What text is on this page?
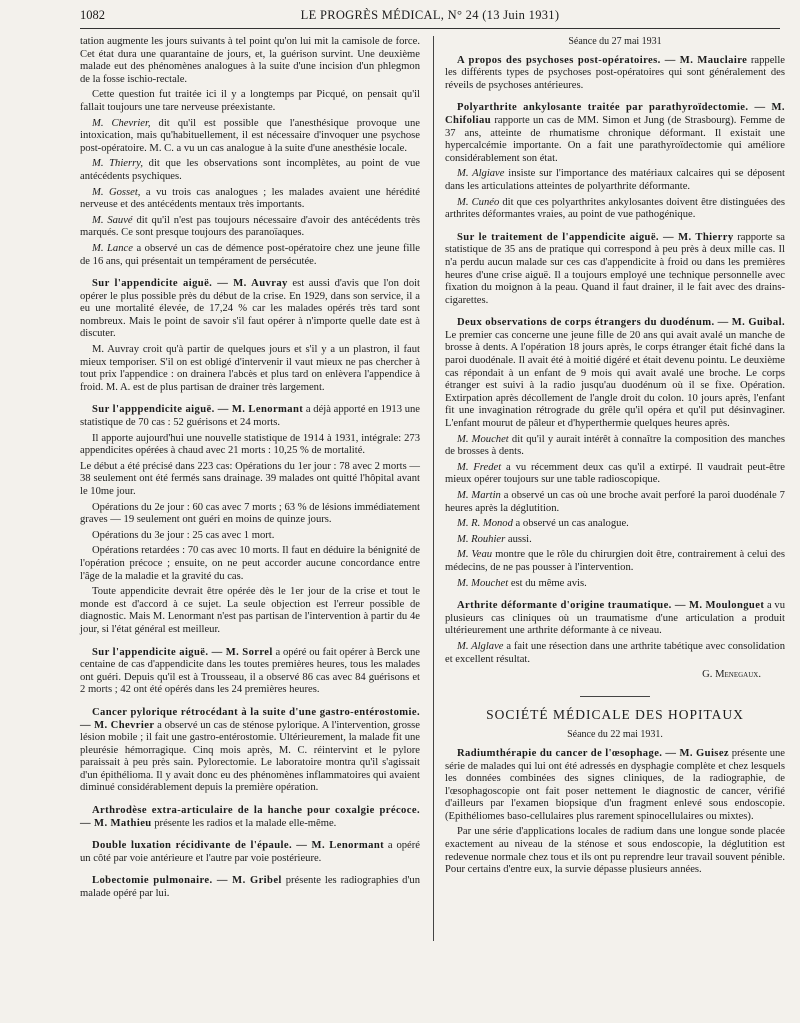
1082	LE PROGRÈS MÉDICAL, N° 24 (13 Juin 1931)

tation augmente les jours suivants à tel point qu'on lui mit la camisole de force. Cet état dura une quarantaine de jours, et, la guérison survint. Une deuxième malade eut des phénomènes analogues à la suite d'une incision d'un phlegmon de la fosse ischio-rectale.

Cette question fut traitée ici il y a longtemps par Picqué, on pensait qu'il fallait toujours une tare nerveuse préexistante.

M. Chevrier, dit qu'il est possible que l'anesthésique provoque une intoxication, mais qu'habituellement, il est nécessaire d'invoquer une psychose post-opératoire. M. C. a vu un cas analogue à la suite d'une anesthésie locale.

M. Thierry, dit que les observations sont incomplètes, au point de vue antécédents psychiques.

M. Gosset, a vu trois cas analogues ; les malades avaient une hérédité nerveuse et des antécédents mentaux très importants.

M. Sauvé dit qu'il n'est pas toujours nécessaire d'avoir des antécédents très marqués. Ce sont presque toujours des paranoïaques.

M. Lance a observé un cas de démence post-opératoire chez une jeune fille de 16 ans, qui présentait un tempérament de persécutée.

Sur l'appendicite aiguë. — M. Auvray est aussi d'avis que l'on doit opérer le plus possible près du début de la crise. En 1929, dans son service, il a eu une mortalité élevée, de 17,24 % car les malades opérés très tard sont nombreux. Mais le point de savoir s'il faut opérer à n'importe quelle date est à discuter.

M. Auvray croit qu'à partir de quelques jours et s'il y a un plastron, il faut mieux temporiser. S'il on est obligé d'intervenir il vaut mieux ne pas chercher à tout prix l'appendice : on drainera l'abcès et plus tard on enlèvera l'appendice à froid. M. A. est de plus partisan de drainer très largement.

Sur l'apppendicite aiguë. — M. Lenormant a déjà apporté en 1913 une statistique de 70 cas : 52 guérisons et 24 morts.

Il apporte aujourd'hui une nouvelle statistique de 1914 à 1931, intégrale: 273 appendicites opérées à chaud avec 21 morts : 10,25 % de mortalité.

Le début a été précisé dans 223 cas: Opérations du 1er jour : 78 avec 2 morts — 38 seulement ont été fermés sans drainage. 39 malades ont quitté l'hôpital avant le 10me jour.

Opérations du 2e jour : 60 cas avec 7 morts ; 63 % de lésions immédiatement graves — 19 seulement ont guéri en moins de quinze jours.

Opérations du 3e jour : 25 cas avec 1 mort.

Opérations retardées : 70 cas avec 10 morts. Il faut en déduire la bénignité de l'opération précoce ; ensuite, on ne peut accorder aucune concordance entre l'âge de la maladie et la gravité du cas.

Toute appendicite devrait être opérée dès le 1er jour de la crise et tout le monde est d'accord à ce sujet. La seule objection est l'erreur possible de diagnostic. Mais M. Lenormant n'est pas partisan de l'intervention à partir du 4e jour, si l'état général est meilleur.

Sur l'appendicite aiguë. — M. Sorrel a opéré ou fait opérer à Berck une centaine de cas d'appendicite dans les toutes premières heures, tous les malades ont guéri. Depuis qu'il est à Trousseau, il a observé 86 cas avec 84 guérisons et 2 morts ; 42 ont été opérés dans les 24 premières heures.

Cancer pylorique rétrocédant à la suite d'une gastro-entérostomie. — M. Chevrier a observé un cas de sténose pylorique. A l'intervention, grosse lésion mobile ; il fait une gastro-entérostomie. Ultérieurement, la malade fit une pleurésie hémorragique. Cinq mois après, M. C. réintervint et le pylore paraissait à peu près sain. Pylorectomie. Le laboratoire montra qu'il s'agissait d'un épithélioma. Il y avait donc eu des phénomènes inflammatoires qui avaient diminué considérablement depuis la première opération.

Arthrodèse extra-articulaire de la hanche pour coxalgie précoce. — M. Mathieu présente les radios et la malade elle-même.

Double luxation récidivante de l'épaule. — M. Lenormant a opéré un côté par voie antérieure et l'autre par voie postérieure.

Lobectomie pulmonaire. — M. Gribel présente les radiographies d'un malade opéré par lui.

Séance du 27 mai 1931

A propos des psychoses post-opératoires. — M. Mauclaire rappelle les différents types de psychoses post-opératoires qui sont généralement des réveils de psychoses antérieures.

Polyarthrite ankylosante traitée par parathyroïdectomie. — M. Chifoliau rapporte un cas de MM. Simon et Jung (de Strasbourg). Femme de 37 ans, atteinte de rhumatisme chronique déformant. Il existait une hypercalcémie importante. On a fait une parathyroïdectomie qui améliore considérablement son état.

M. Algiave insiste sur l'importance des matériaux calcaires qui se déposent dans les articulations atteintes de polyarthrite déformante.

M. Cunéo dit que ces polyarthrites ankylosantes doivent être distinguées des arthrites déformantes vraies, au point de vue pathogénique.

Sur le traitement de l'appendicite aiguë. — M. Thierry rapporte sa statistique de 35 ans de pratique qui correspond à peu près à deux mille cas. Il n'a perdu aucun malade sur ces cas d'appendicite à froid ou dans les premières heures d'une crise aiguë. Il a toujours employé une technique personnelle avec fixation du moignon à la peau. Quand il faut drainer, il le fait avec des drains-cigarettes.

Deux observations de corps étrangers du duodénum. — M. Guibal. Le premier cas concerne une jeune fille de 20 ans qui avait avalé un manche de brosse à dents. A l'opération 18 jours après, le corps étranger était fiché dans la paroi duodénale. Il avait été à moitié digéré et était devenu pointu. Le deuxième cas répondait à un enfant de 9 mois qui avait avalé une broche. Le corps étranger est suivi à la radio jusqu'au duodénum où il se fixe. Opération. Extirpation après décollement de l'angle droit du colon. 10 jours après, l'enfant fit une invagination rétrograde du grêle qu'il opéra et qu'il put désinvaginer. L'enfant mourut de pâleur et d'hyperthermie quelques heures après.

M. Mouchet dit qu'il y aurait intérêt à connaître la composition des manches de brosses à dents.

M. Fredet a vu récemment deux cas qu'il a extirpé. Il vaudrait peut-être mieux opérer toujours sur une table radioscopique.

M. Martin a observé un cas où une broche avait perforé la paroi duodénale 7 heures après la déglutition.

M. R. Monod a observé un cas analogue.

M. Rouhier aussi.

M. Veau montre que le rôle du chirurgien doit être, contrairement à celui des médecins, de ne pas pousser à l'intervention.

M. Mouchet est du même avis.

Arthrite déformante d'origine traumatique. — M. Moulonguet a vu plusieurs cas cliniques où un traumatisme d'une articulation a produit ultérieurement une arthrite déformante à ce niveau.

M. Alglave a fait une résection dans une arthrite tabétique avec consolidation et excellent résultat.

G. Menegaux.

SOCIÉTÉ MÉDICALE DES HOPITAUX

Séance du 22 mai 1931.

Radiumthérapie du cancer de l'œsophage. — M. Guisez présente une série de malades qui lui ont été adressés en dysphagie complète et chez lesquels les données combinées des signes cliniques, de la radiographie, de l'œsophagoscopie ont fait poser nettement le diagnostic de cancer, vérifié d'ailleurs par l'examen biopsique d'un fragment enlevé sous endoscopie. (Epithéliomes baso-cellulaires plus rarement spinocellulaires ou mixtes).

Par une série d'applications locales de radium dans une longue sonde placée exactement au niveau de la sténose et sous endoscopie, la déglutition est redevenue normale chez tous et ils ont pu reprendre leur travail souvent pénible. Pour certains d'entre eux, la survie dépasse plusieurs années.
